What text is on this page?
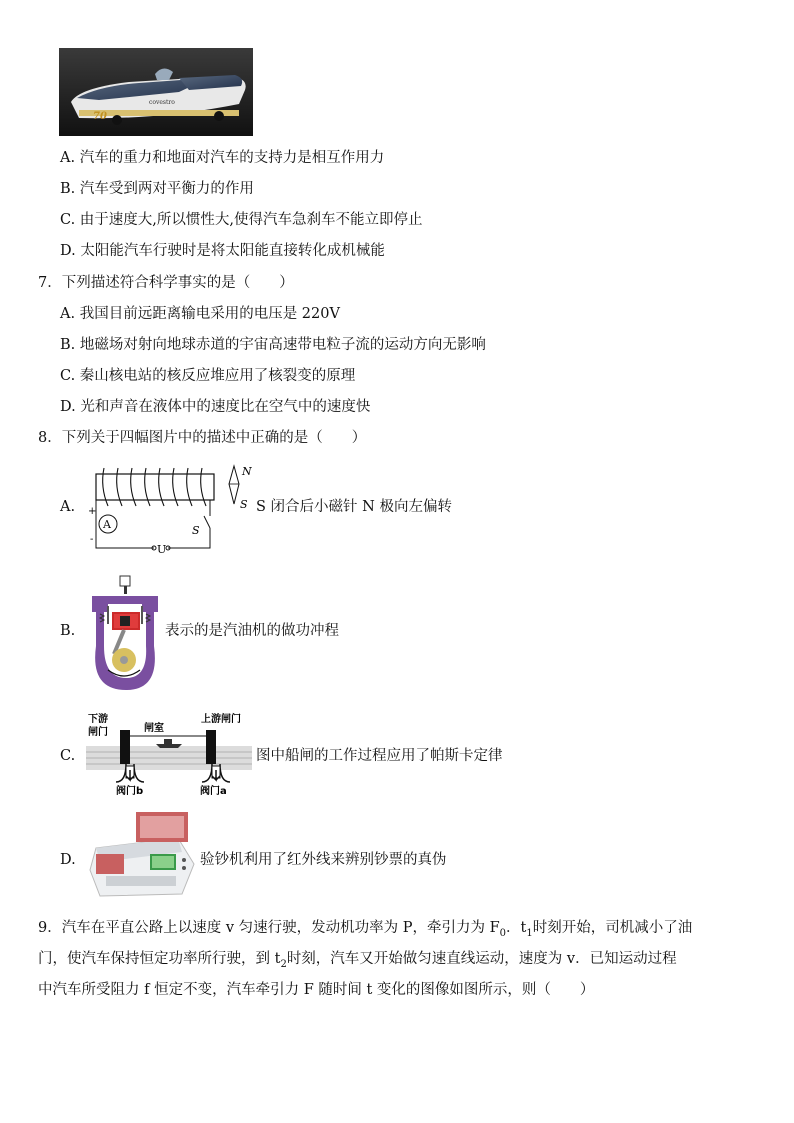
70
covestro
A. 汽车的重力和地面对汽车的支持力是相互作用力
B. 汽车受到两对平衡力的作用
C. 由于速度大,所以惯性大,使得汽车急刹车不能立即停止
D. 太阳能汽车行驶时是将太阳能直接转化成机械能
7．下列描述符合科学事实的是（　　）
A. 我国目前远距离输电采用的电压是 220V
B. 地磁场对射向地球赤道的宇宙高速带电粒子流的运动方向无影响
C. 秦山核电站的核反应堆应用了核裂变的原理
D. 光和声音在液体中的速度比在空气中的速度快
8．下列关于四幅图片中的描述中正确的是（　　）
A.
A
+
-
U
S
N
S S 闭合后小磁针 N 极向左偏转
B.	表示的是汽油机的做功冲程
C.
下游
闸门	闸室
上游闸门
阀门b	阀门a
图中船闸的工作过程应用了帕斯卡定律
D.	验钞机利用了红外线来辨别钞票的真伪
9．汽车在平直公路上以速度 v 匀速行驶，发动机功率为 P，牵引力为 $F_0$．$t_1$时刻开始，司机减小了油
门，使汽车保持恒定功率所行驶，到 $t_2$时刻，汽车又开始做匀速直线运动，速度为 v．已知运动过程
中汽车所受阻力 f 恒定不变，汽车牵引力 F 随时间 t 变化的图像如图所示，则（　　）
